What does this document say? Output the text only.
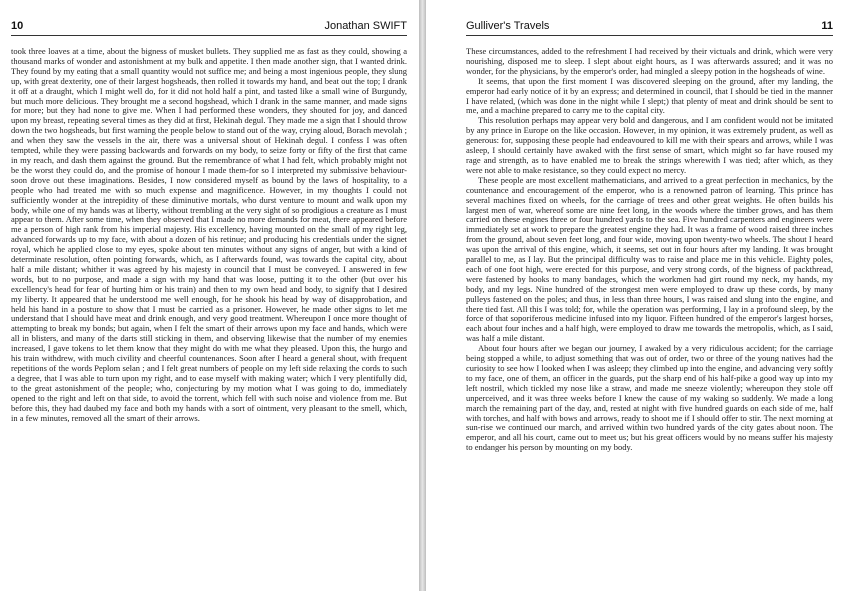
10	Jonathan SWIFT

took three loaves at a time, about the bigness of musket bullets. They supplied me as fast as they could, showing a thousand marks of wonder and astonishment at my bulk and appetite. I then made another sign, that I wanted drink. They found by my eating that a small quantity would not suffice me; and being a most ingenious people, they slung up, with great dexterity, one of their largest hogsheads, then rolled it towards my hand, and beat out the top; I drank it off at a draught, which I might well do, for it did not hold half a pint, and tasted like a small wine of Burgundy, but much more delicious. They brought me a second hogshead, which I drank in the same manner, and made signs for more; but they had none to give me. When I had performed these wonders, they shouted for joy, and danced upon my breast, repeating several times as they did at first, Hekinah degul. They made me a sign that I should throw down the two hogsheads, but first warning the people below to stand out of the way, crying aloud, Borach mevolah ; and when they saw the vessels in the air, there was a universal shout of Hekinah degul. I confess I was often tempted, while they were passing backwards and forwards on my body, to seize forty or fifty of the first that came in my reach, and dash them against the ground. But the remembrance of what I had felt, which probably might not be the worst they could do, and the promise of honour I made them-for so I interpreted my submissive behaviour-soon drove out these imaginations. Besides, I now considered myself as bound by the laws of hospitality, to a people who had treated me with so much expense and magnificence. However, in my thoughts I could not sufficiently wonder at the intrepidity of these diminutive mortals, who durst venture to mount and walk upon my body, while one of my hands was at liberty, without trembling at the very sight of so prodigious a creature as I must appear to them. After some time, when they observed that I made no more demands for meat, there appeared before me a person of high rank from his imperial majesty. His excellency, having mounted on the small of my right leg, advanced forwards up to my face, with about a dozen of his retinue; and producing his credentials under the signet royal, which he applied close to my eyes, spoke about ten minutes without any signs of anger, but with a kind of determinate resolution, often pointing forwards, which, as I afterwards found, was towards the capital city, about half a mile distant; whither it was agreed by his majesty in council that I must be conveyed. I answered in few words, but to no purpose, and made a sign with my hand that was loose, putting it to the other (but over his excellency's head for fear of hurting him or his train) and then to my own head and body, to signify that I desired my liberty. It appeared that he understood me well enough, for he shook his head by way of disapprobation, and held his hand in a posture to show that I must be carried as a prisoner. However, he made other signs to let me understand that I should have meat and drink enough, and very good treatment. Whereupon I once more thought of attempting to break my bonds; but again, when I felt the smart of their arrows upon my face and hands, which were all in blisters, and many of the darts still sticking in them, and observing likewise that the number of my enemies increased, I gave tokens to let them know that they might do with me what they pleased. Upon this, the hurgo and his train withdrew, with much civility and cheerful countenances. Soon after I heard a general shout, with frequent repetitions of the words Peplom selan ; and I felt great numbers of people on my left side relaxing the cords to such a degree, that I was able to turn upon my right, and to ease myself with making water; which I very plentifully did, to the great astonishment of the people; who, conjecturing by my motion what I was going to do, immediately opened to the right and left on that side, to avoid the torrent, which fell with such noise and violence from me. But before this, they had daubed my face and both my hands with a sort of ointment, very pleasant to the smell, which, in a few minutes, removed all the smart of their arrows.

Gulliver's Travels	11

These circumstances, added to the refreshment I had received by their victuals and drink, which were very nourishing, disposed me to sleep. I slept about eight hours, as I was afterwards assured; and it was no wonder, for the physicians, by the emperor's order, had mingled a sleepy potion in the hogsheads of wine.

It seems, that upon the first moment I was discovered sleeping on the ground, after my landing, the emperor had early notice of it by an express; and determined in council, that I should be tied in the manner I have related, (which was done in the night while I slept;) that plenty of meat and drink should be sent to me, and a machine prepared to carry me to the capital city.

This resolution perhaps may appear very bold and dangerous, and I am confident would not be imitated by any prince in Europe on the like occasion. However, in my opinion, it was extremely prudent, as well as generous: for, supposing these people had endeavoured to kill me with their spears and arrows, while I was asleep, I should certainly have awaked with the first sense of smart, which might so far have roused my rage and strength, as to have enabled me to break the strings wherewith I was tied; after which, as they were not able to make resistance, so they could expect no mercy.

These people are most excellent mathematicians, and arrived to a great perfection in mechanics, by the countenance and encouragement of the emperor, who is a renowned patron of learning. This prince has several machines fixed on wheels, for the carriage of trees and other great weights. He often builds his largest men of war, whereof some are nine feet long, in the woods where the timber grows, and has them carried on these engines three or four hundred yards to the sea. Five hundred carpenters and engineers were immediately set at work to prepare the greatest engine they had. It was a frame of wood raised three inches from the ground, about seven feet long, and four wide, moving upon twenty-two wheels. The shout I heard was upon the arrival of this engine, which, it seems, set out in four hours after my landing. It was brought parallel to me, as I lay. But the principal difficulty was to raise and place me in this vehicle. Eighty poles, each of one foot high, were erected for this purpose, and very strong cords, of the bigness of packthread, were fastened by hooks to many bandages, which the workmen had girt round my neck, my hands, my body, and my legs. Nine hundred of the strongest men were employed to draw up these cords, by many pulleys fastened on the poles; and thus, in less than three hours, I was raised and slung into the engine, and there tied fast. All this I was told; for, while the operation was performing, I lay in a profound sleep, by the force of that soporiferous medicine infused into my liquor. Fifteen hundred of the emperor's largest horses, each about four inches and a half high, were employed to draw me towards the metropolis, which, as I said, was half a mile distant.

About four hours after we began our journey, I awaked by a very ridiculous accident; for the carriage being stopped a while, to adjust something that was out of order, two or three of the young natives had the curiosity to see how I looked when I was asleep; they climbed up into the engine, and advancing very softly to my face, one of them, an officer in the guards, put the sharp end of his half-pike a good way up into my left nostril, which tickled my nose like a straw, and made me sneeze violently; whereupon they stole off unperceived, and it was three weeks before I knew the cause of my waking so suddenly. We made a long march the remaining part of the day, and, rested at night with five hundred guards on each side of me, half with torches, and half with bows and arrows, ready to shoot me if I should offer to stir. The next morning at sun-rise we continued our march, and arrived within two hundred yards of the city gates about noon. The emperor, and all his court, came out to meet us; but his great officers would by no means suffer his majesty to endanger his person by mounting on my body.
